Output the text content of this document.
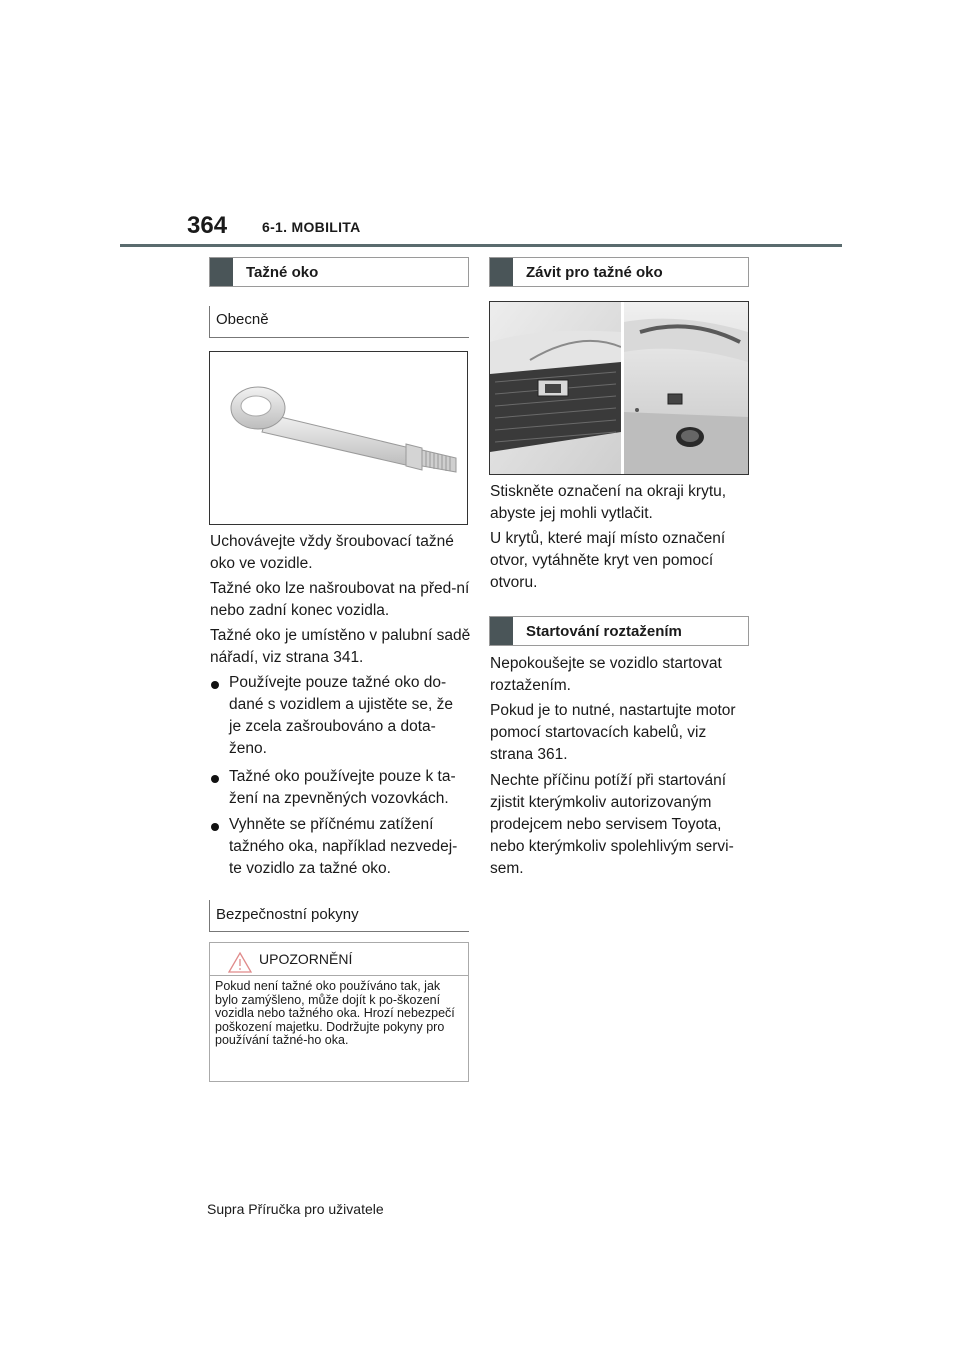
364 6-1. MOBILITA
Tažné oko
Obecně
Uchovávejte vždy šroubovací tažné oko ve vozidle.
Tažné oko lze našroubovat na před-ní nebo zadní konec vozidla.
Tažné oko je umístěno v palubní sadě nářadí, viz strana 341.
Používejte pouze tažné oko do-dané s vozidlem a ujistěte se, že je zcela zašroubováno a dota-ženo.
Tažné oko používejte pouze k ta-žení na zpevněných vozovkách.
Vyhněte se příčnému zatížení tažného oka, například nezvedej-te vozidlo za tažné oko.
Bezpečnostní pokyny
UPOZORNĚNÍ
Pokud není tažné oko používáno tak, jak bylo zamýšleno, může dojít k po-škození vozidla nebo tažného oka. Hrozí nebezpečí poškození majetku. Dodržujte pokyny pro používání tažné-ho oka.
Závit pro tažné oko
Stiskněte označení na okraji krytu, abyste jej mohli vytlačit.
U krytů, které mají místo označení otvor, vytáhněte kryt ven pomocí otvoru.
Startování roztažením
Nepokoušejte se vozidlo startovat roztažením.
Pokud je to nutné, nastartujte motor pomocí startovacích kabelů, viz strana 361.
Nechte příčinu potíží při startování zjistit kterýmkoliv autorizovaným prodejcem nebo servisem Toyota, nebo kterýmkoliv spolehlivým servi-sem.
Supra Příručka pro uživatele
